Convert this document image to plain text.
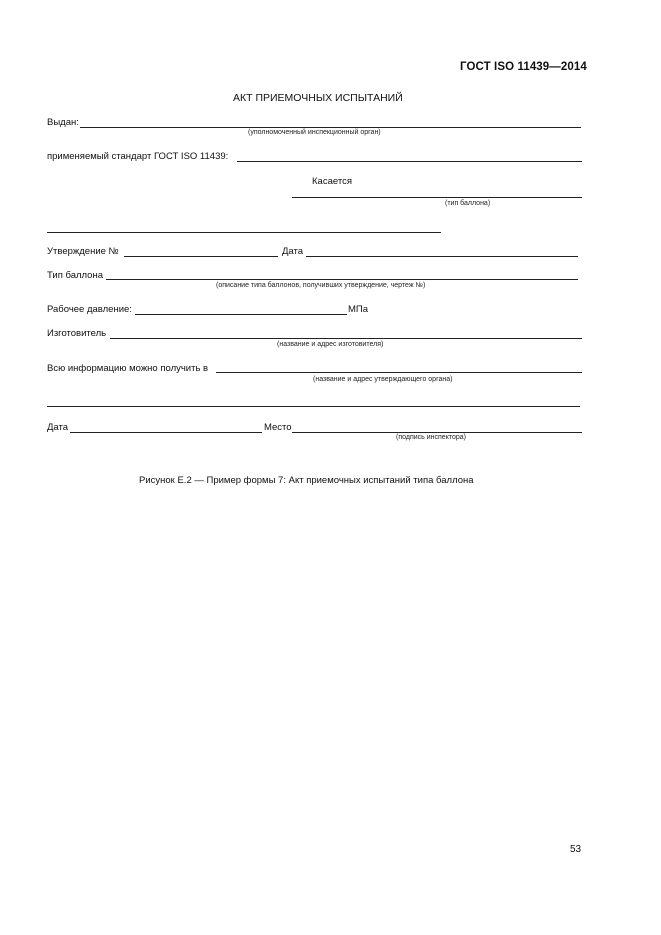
ГОСТ ISO 11439—2014
АКТ ПРИЕМОЧНЫХ ИСПЫТАНИЙ
Выдан:
(уполномоченный инспекционный орган)
применяемый стандарт ГОСТ ISO 11439:
Касается
(тип баллона)
Утверждение №	Дата
Тип баллона
(описание типа баллонов, получивших утверждение, чертеж №)
Рабочее давление:	МПа
Изготовитель
(название и адрес изготовителя)
Всю информацию можно получить в
(название и адрес утверждающего органа)
Дата	Место
(подпись инспектора)
Рисунок Е.2 — Пример формы 7: Акт приемочных испытаний типа баллона
53
